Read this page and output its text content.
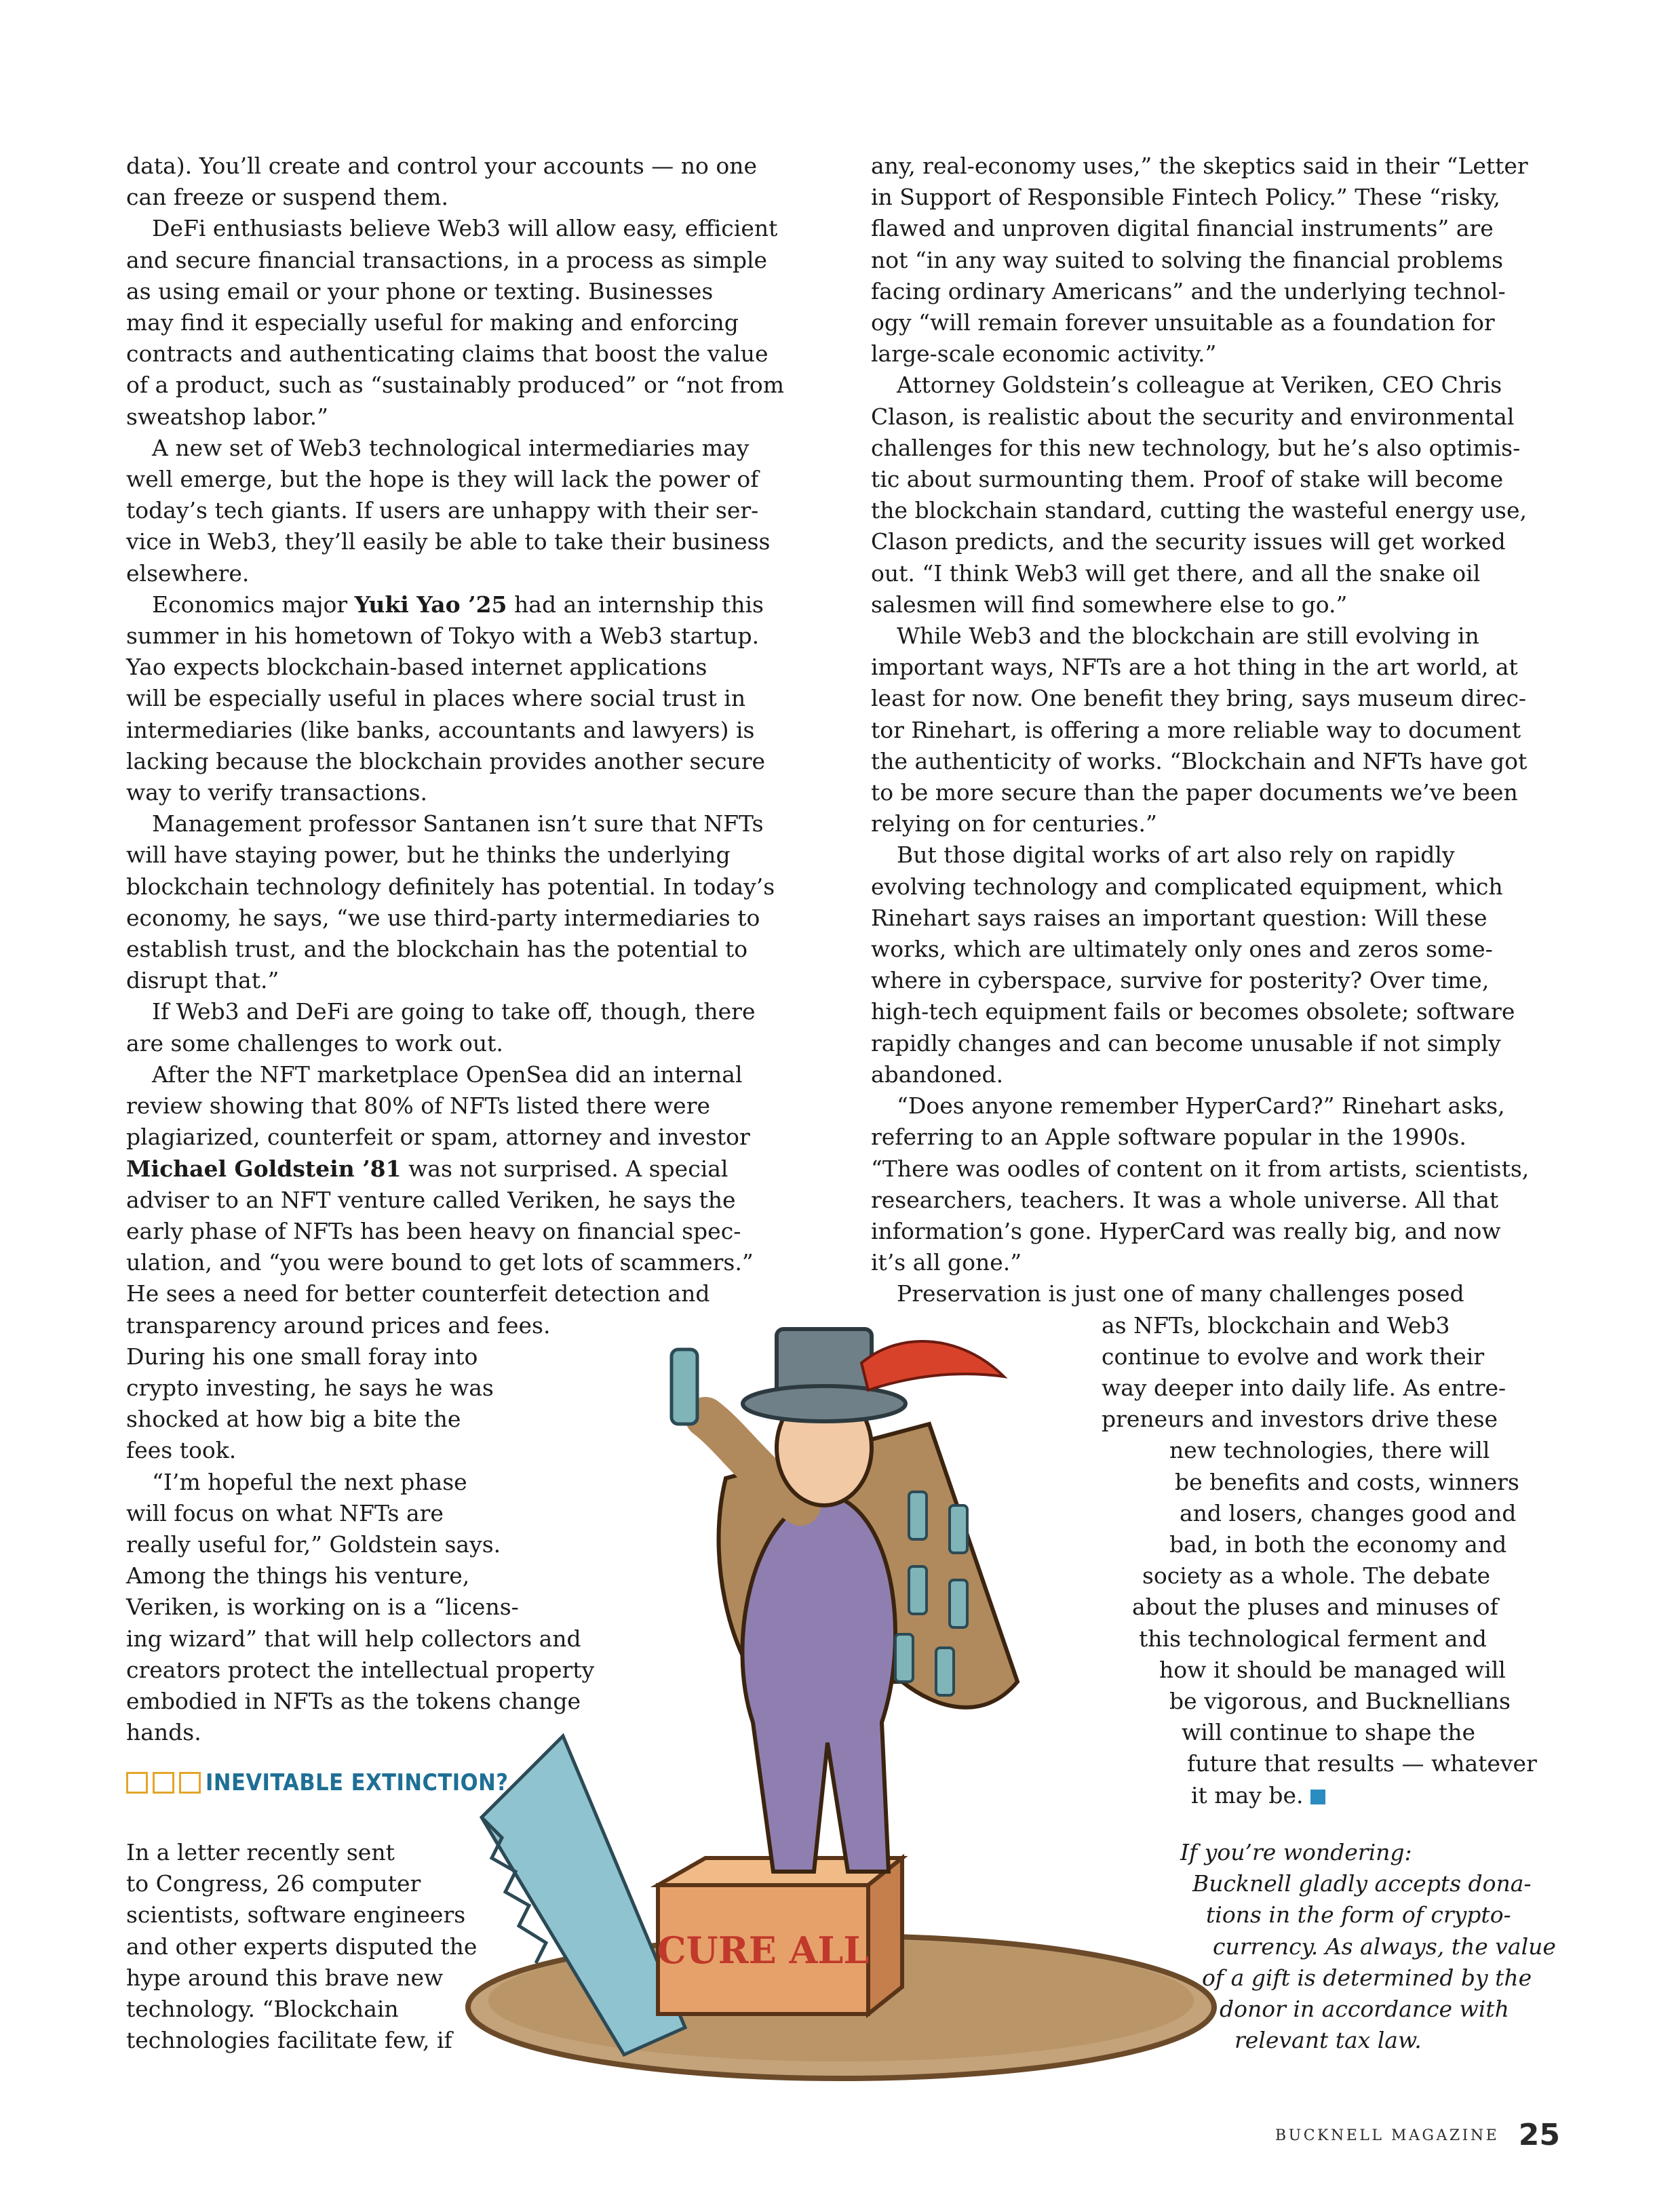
data). You’ll create and control your accounts — no one
can freeze or suspend them.
DeFi enthusiasts believe Web3 will allow easy, efficient
and secure financial transactions, in a process as simple
as using email or your phone or texting. Businesses
may find it especially useful for making and enforcing
contracts and authenticating claims that boost the value
of a product, such as “sustainably produced” or “not from
sweatshop labor.”
A new set of Web3 technological intermediaries may
well emerge, but the hope is they will lack the power of
today’s tech giants. If users are unhappy with their ser-
vice in Web3, they’ll easily be able to take their business
elsewhere.
Economics major Yuki Yao ’25 had an internship this
summer in his hometown of Tokyo with a Web3 startup.
Yao expects blockchain-based internet applications
will be especially useful in places where social trust in
intermediaries (like banks, accountants and lawyers) is
lacking because the blockchain provides another secure
way to verify transactions.
Management professor Santanen isn’t sure that NFTs
will have staying power, but he thinks the underlying
blockchain technology definitely has potential. In today’s
economy, he says, “we use third-party intermediaries to
establish trust, and the blockchain has the potential to
disrupt that.”
If Web3 and DeFi are going to take off, though, there
are some challenges to work out.
After the NFT marketplace OpenSea did an internal
review showing that 80% of NFTs listed there were
plagiarized, counterfeit or spam, attorney and investor
Michael Goldstein ’81 was not surprised. A special
adviser to an NFT venture called Veriken, he says the
early phase of NFTs has been heavy on financial spec-
ulation, and “you were bound to get lots of scammers.”
He sees a need for better counterfeit detection and
transparency around prices and fees.
During his one small foray into
crypto investing, he says he was
shocked at how big a bite the
fees took.
“I’m hopeful the next phase
will focus on what NFTs are
really useful for,” Goldstein says.
Among the things his venture,
Veriken, is working on is a “licens-
ing wizard” that will help collectors and
creators protect the intellectual property
embodied in NFTs as the tokens change
hands.
INEVITABLE EXTINCTION?
In a letter recently sent
to Congress, 26 computer
scientists, software engineers
and other experts disputed the
hype around this brave new
technology. “Blockchain
technologies facilitate few, if
any, real-economy uses,” the skeptics said in their “Letter
in Support of Responsible Fintech Policy.” These “risky,
flawed and unproven digital financial instruments” are
not “in any way suited to solving the financial problems
facing ordinary Americans” and the underlying technol-
ogy “will remain forever unsuitable as a foundation for
large-scale economic activity.”
Attorney Goldstein’s colleague at Veriken, CEO Chris
Clason, is realistic about the security and environmental
challenges for this new technology, but he’s also optimis-
tic about surmounting them. Proof of stake will become
the blockchain standard, cutting the wasteful energy use,
Clason predicts, and the security issues will get worked
out. “I think Web3 will get there, and all the snake oil
salesmen will find somewhere else to go.”
While Web3 and the blockchain are still evolving in
important ways, NFTs are a hot thing in the art world, at
least for now. One benefit they bring, says museum direc-
tor Rinehart, is offering a more reliable way to document
the authenticity of works. “Blockchain and NFTs have got
to be more secure than the paper documents we’ve been
relying on for centuries.”
But those digital works of art also rely on rapidly
evolving technology and complicated equipment, which
Rinehart says raises an important question: Will these
works, which are ultimately only ones and zeros some-
where in cyberspace, survive for posterity? Over time,
high-tech equipment fails or becomes obsolete; software
rapidly changes and can become unusable if not simply
abandoned.
“Does anyone remember HyperCard?” Rinehart asks,
referring to an Apple software popular in the 1990s.
“There was oodles of content on it from artists, scientists,
researchers, teachers. It was a whole universe. All that
information’s gone. HyperCard was really big, and now
it’s all gone.”
Preservation is just one of many challenges posed
as NFTs, blockchain and Web3
continue to evolve and work their
way deeper into daily life. As entre-
preneurs and investors drive these
new technologies, there will
be benefits and costs, winners
and losers, changes good and
bad, in both the economy and
society as a whole. The debate
about the pluses and minuses of
this technological ferment and
how it should be managed will
be vigorous, and Bucknellians
will continue to shape the
future that results — whatever
it may be.
If you’re wondering:
Bucknell gladly accepts dona-
tions in the form of crypto-
currency. As always, the value
of a gift is determined by the
donor in accordance with
relevant tax law.
CURE ALL
BUCKNELL MAGAZINE 25
